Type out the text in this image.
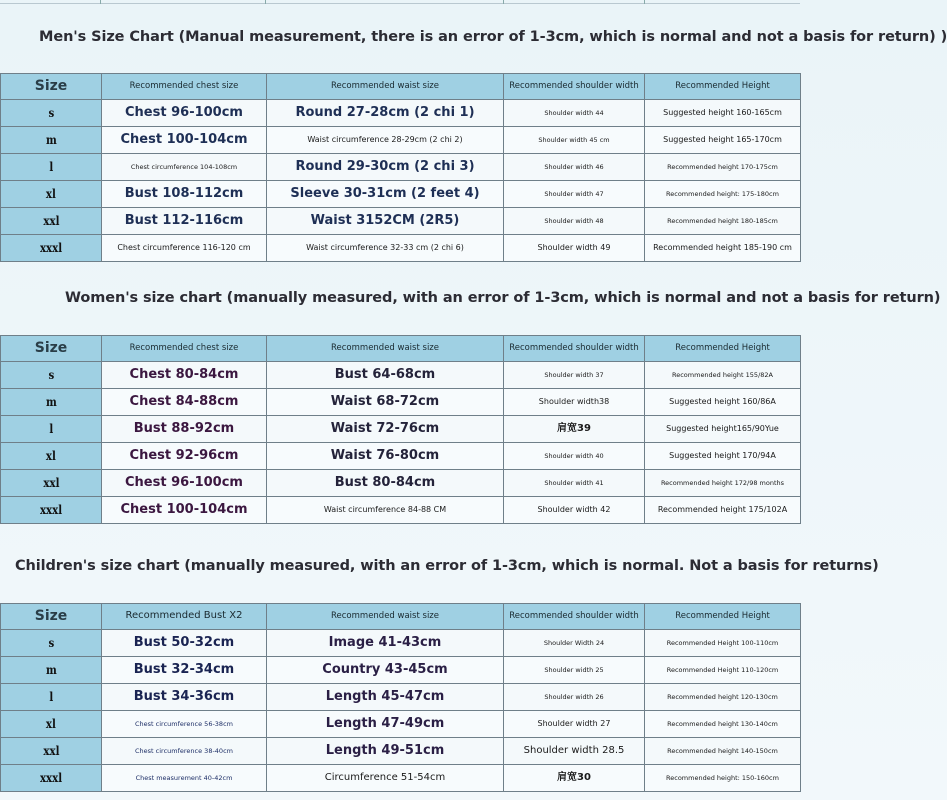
Men's Size Chart (Manual measurement, there is an error of 1-3cm, which is normal and not a basis for return) )
Size	Recommended chest size	Recommended waist size	Recommended shoulder width	Recommended Height
s	Chest 96-100cm	Round 27-28cm (2 chi 1)	Shoulder width 44	Suggested height 160-165cm
m	Chest 100-104cm	Waist circumference 28-29cm (2 chi 2)	Shoulder width 45 cm	Suggested height 165-170cm
l	Chest circumference 104-108cm	Round 29-30cm (2 chi 3)	Shoulder width 46	Recommended height 170-175cm
xl	Bust 108-112cm	Sleeve 30-31cm (2 feet 4)	Shoulder width 47	Recommended height: 175-180cm
xxl	Bust 112-116cm	Waist 3152CM (2R5)	Shoulder width 48	Recommended height 180-185cm
xxxl	Chest circumference 116-120 cm	Waist circumference 32-33 cm (2 chi 6)	Shoulder width 49	Recommended height 185-190 cm
Women's size chart (manually measured, with an error of 1-3cm, which is normal and not a basis for return)
Size	Recommended chest size	Recommended waist size	Recommended shoulder width	Recommended Height
s	Chest 80-84cm	Bust 64-68cm	Shoulder width 37	Recommended height 155/82A
m	Chest 84-88cm	Waist 68-72cm	Shoulder width38	Suggested height 160/86A
l	Bust 88-92cm	Waist 72-76cm	肩宽39	Suggested height165/90Yue
xl	Chest 92-96cm	Waist 76-80cm	Shoulder width 40	Suggested height 170/94A
xxl	Chest 96-100cm	Bust 80-84cm	Shoulder width 41	Recommended height 172/98 months
xxxl	Chest 100-104cm	Waist circumference 84-88 CM	Shoulder width 42	Recommended height 175/102A
Children's size chart (manually measured, with an error of 1-3cm, which is normal. Not a basis for returns)
Size	Recommended Bust X2	Recommended waist size	Recommended shoulder width	Recommended Height
s	Bust 50-32cm	Image 41-43cm	Shoulder Width 24	Recommended Height 100-110cm
m	Bust 32-34cm	Country 43-45cm	Shoulder width 25	Recommended Height 110-120cm
l	Bust 34-36cm	Length 45-47cm	Shoulder width 26	Recommended height 120-130cm
xl	Chest circumference 56-38cm	Length 47-49cm	Shoulder width 27	Recommended height 130-140cm
xxl	Chest circumference 38-40cm	Length 49-51cm	Shoulder width 28.5	Recommended height 140-150cm
xxxl	Chest measurement 40-42cm	Circumference 51-54cm	肩宽30	Recommended height: 150-160cm
